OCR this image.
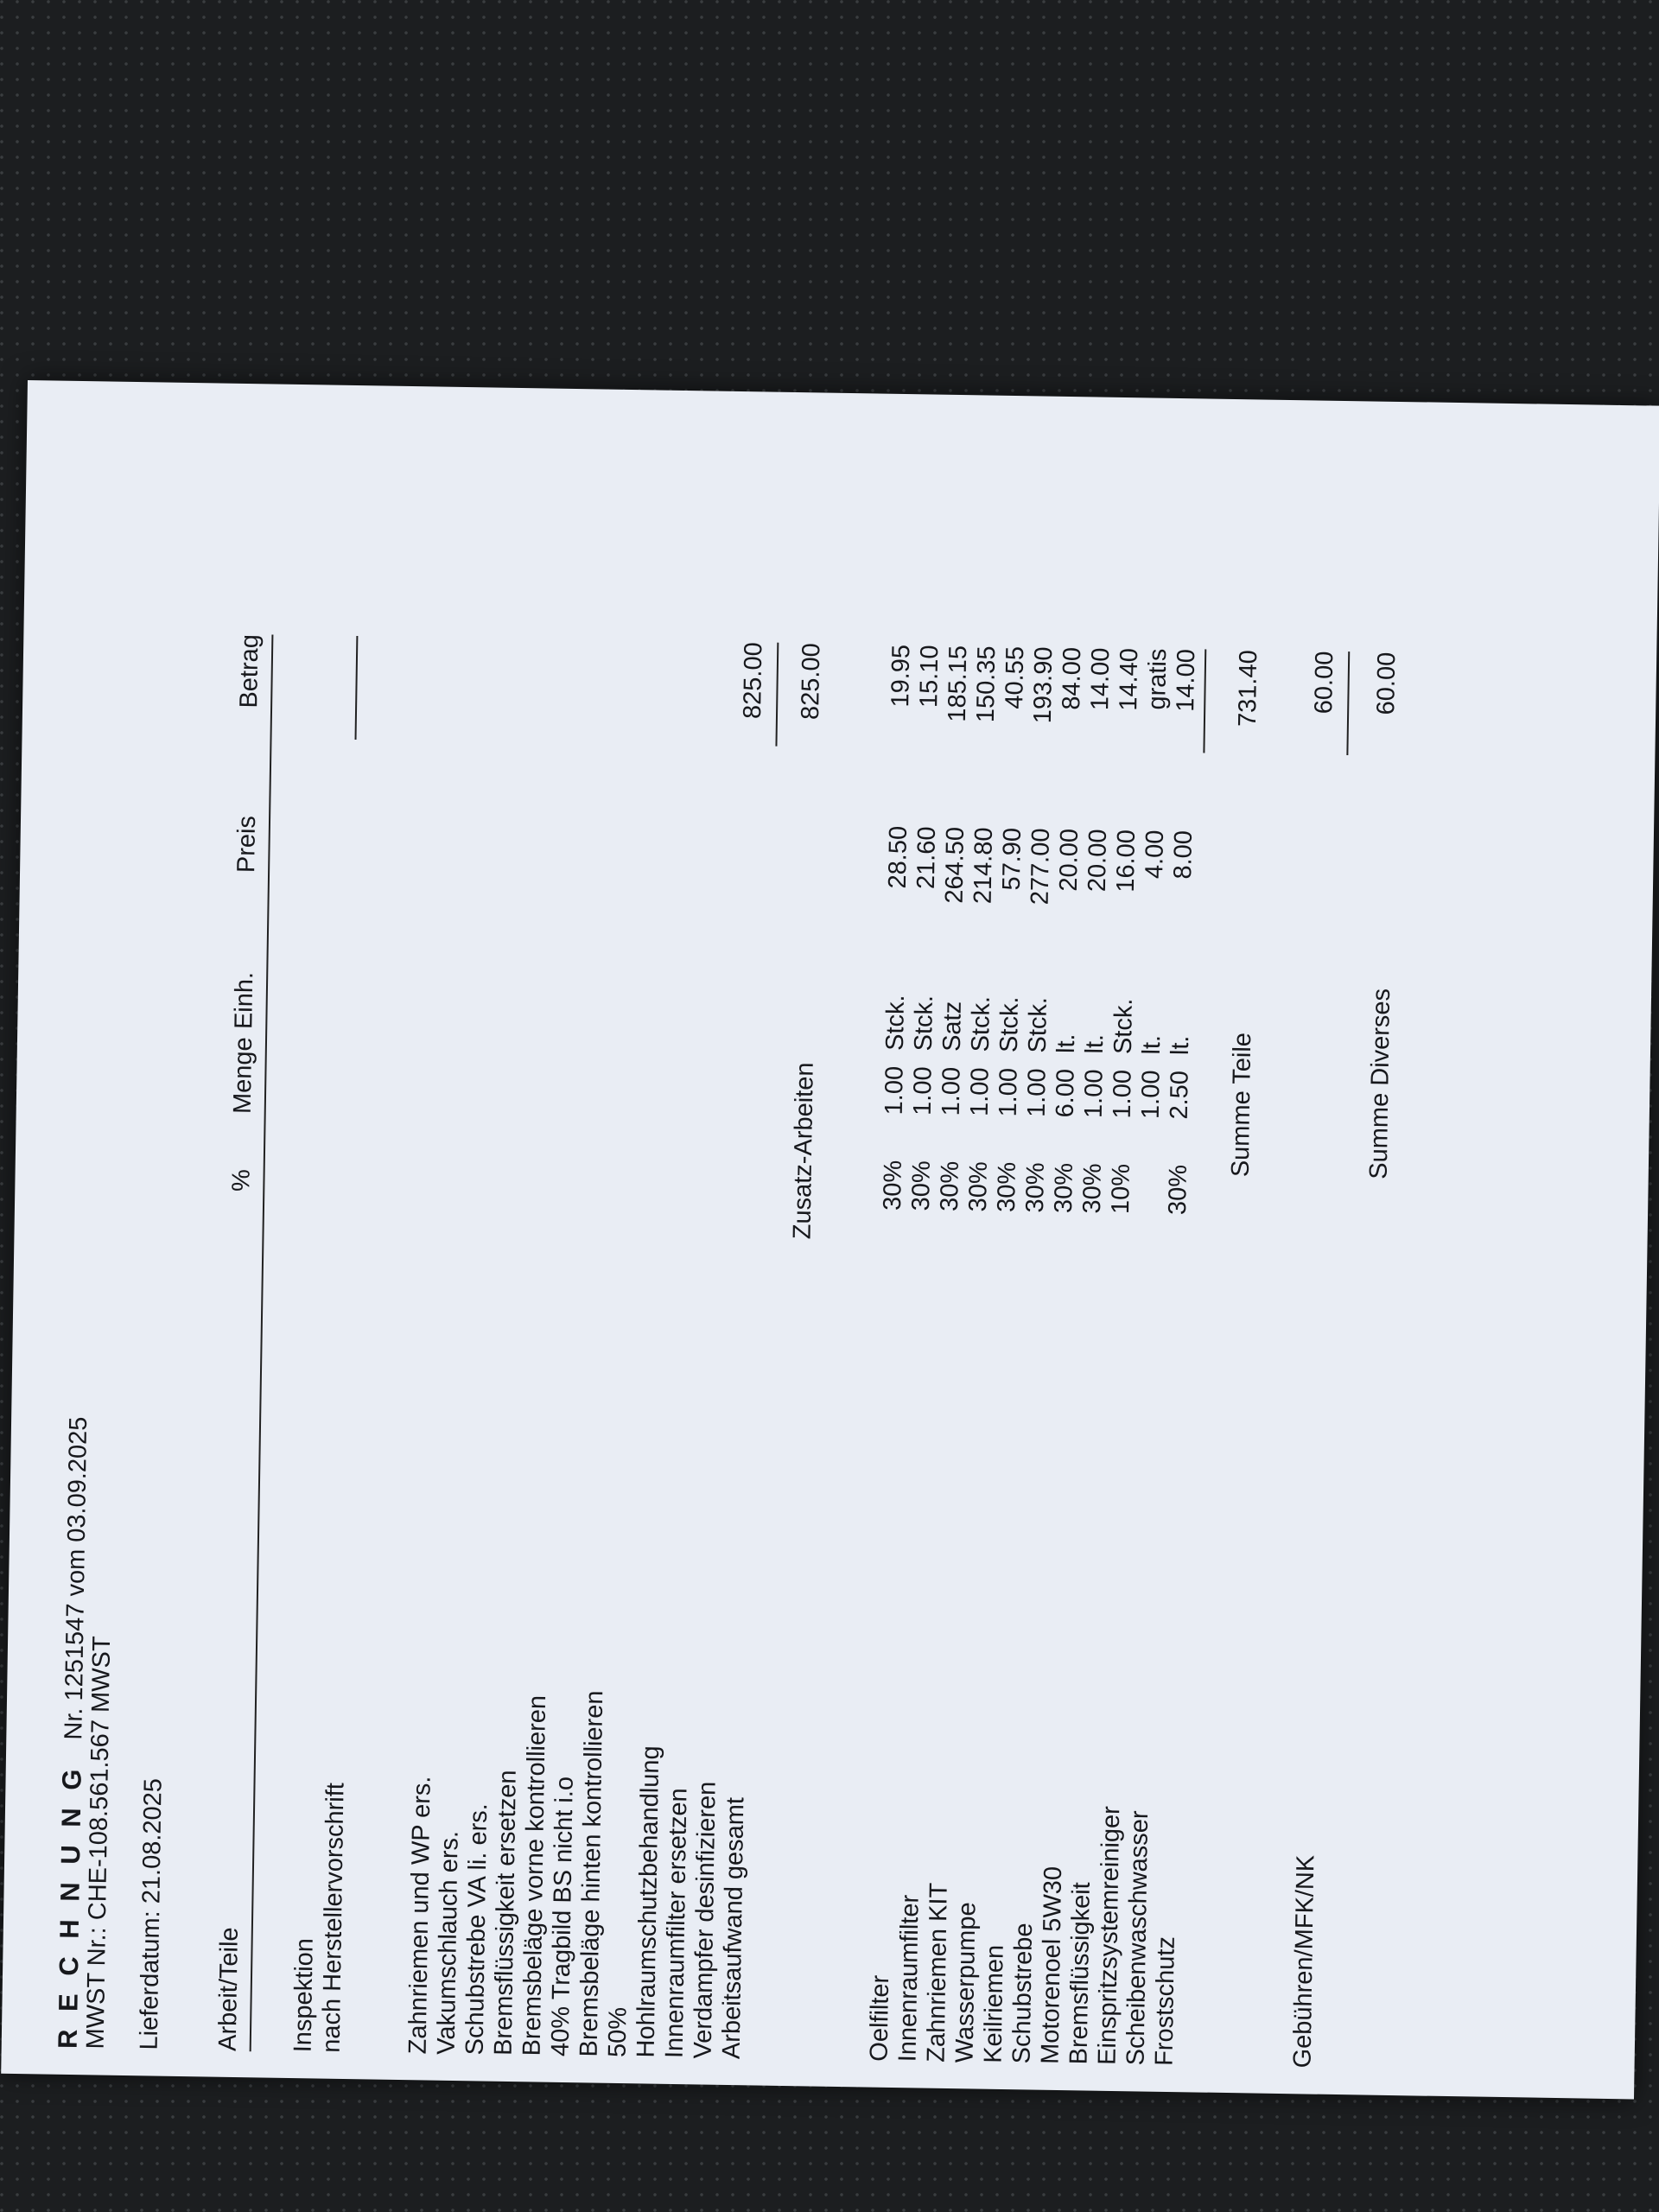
R E C H N U N G Nr. 1251547 vom 03.09.2025
MWST Nr.: CHE-108.561.567 MWST Lieferdatum: 21.08.2025 Arbeit/Teile
%
Menge
Einh.
Preis
Betrag
Inspektion
nach Herstellervorschrift Zahnriemen und WP ers.
Vakumschlauch ers.
Schubstrebe VA li. ers.
Bremsflüssigkeit ersetzen
Bremsbeläge vorne kontrollieren
40% Tragbild BS nicht i.o
Bremsbeläge hinten kontrollieren
50% Hohlraumschutzbehandlung
Innenraumfilter ersetzen
Verdampfer desinfizieren
Arbeitsaufwand gesamt
825.00
Zusatz-Arbeiten
825.00
Oelfilter Innenraumfilter
Zahnriemen KIT
Wasserpumpe
Keilriemen
Schubstrebe
Motorenoel 5W30
Bremsflüssigkeit
Einspritzsystemreiniger
Scheibenwaschwasser
Frostschutz
30% 30% 30% 30% 30% 30% 30% 30% 10% 30%
1.00 1.00 1.00 1.00 1.00 1.00 6.00 1.00 1.00 1.00 2.50
Stck. Stck. Satz Stck. Stck. Stck. lt. lt. Stck. lt. lt.
28.50 21.60 264.50 214.80 57.90 277.00 20.00 20.00 16.00 4.00 8.00
19.95 15.10 185.15 150.35 40.55 193.90 84.00 14.00 14.40 gratis 14.00
Summe Teile
731.40
Gebühren/MFK/NK
60.00
Summe Diverses
60.00
